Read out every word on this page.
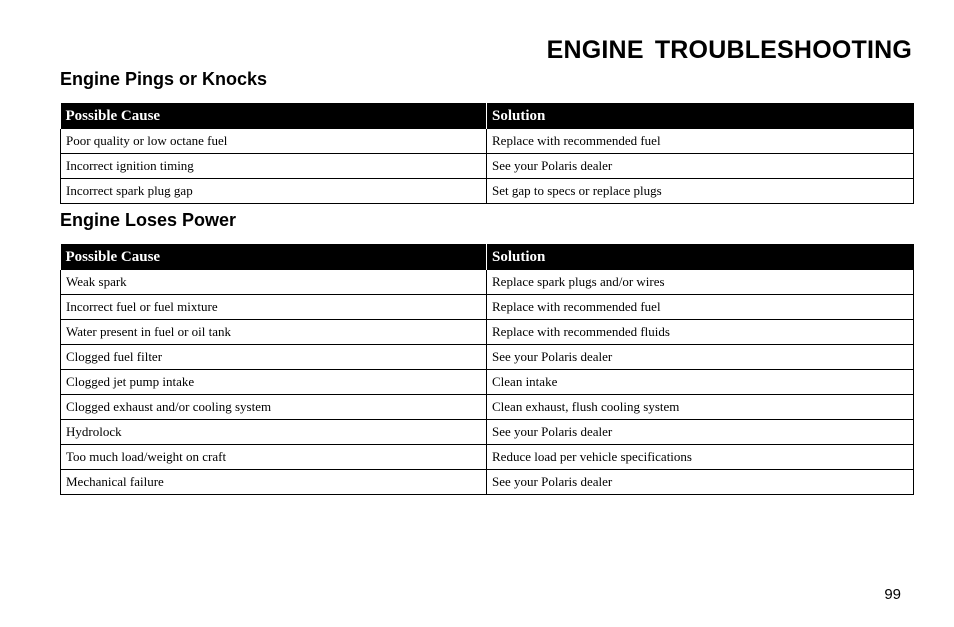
ENGINE TROUBLESHOOTING
Engine Pings or Knocks
Possible Cause	Solution
Poor quality or low octane fuel	Replace with recommended fuel
Incorrect ignition timing	See your Polaris dealer
Incorrect spark plug gap	Set gap to specs or replace plugs
Engine Loses Power
Possible Cause	Solution
Weak spark	Replace spark plugs and/or wires
Incorrect fuel or fuel mixture	Replace with recommended fuel
Water present in fuel or oil tank	Replace with recommended fluids
Clogged fuel filter	See your Polaris dealer
Clogged jet pump intake	Clean intake
Clogged exhaust and/or cooling system	Clean exhaust, flush cooling system
Hydrolock	See your Polaris dealer
Too much load/weight on craft	Reduce load per vehicle specifications
Mechanical failure	See your Polaris dealer
99
